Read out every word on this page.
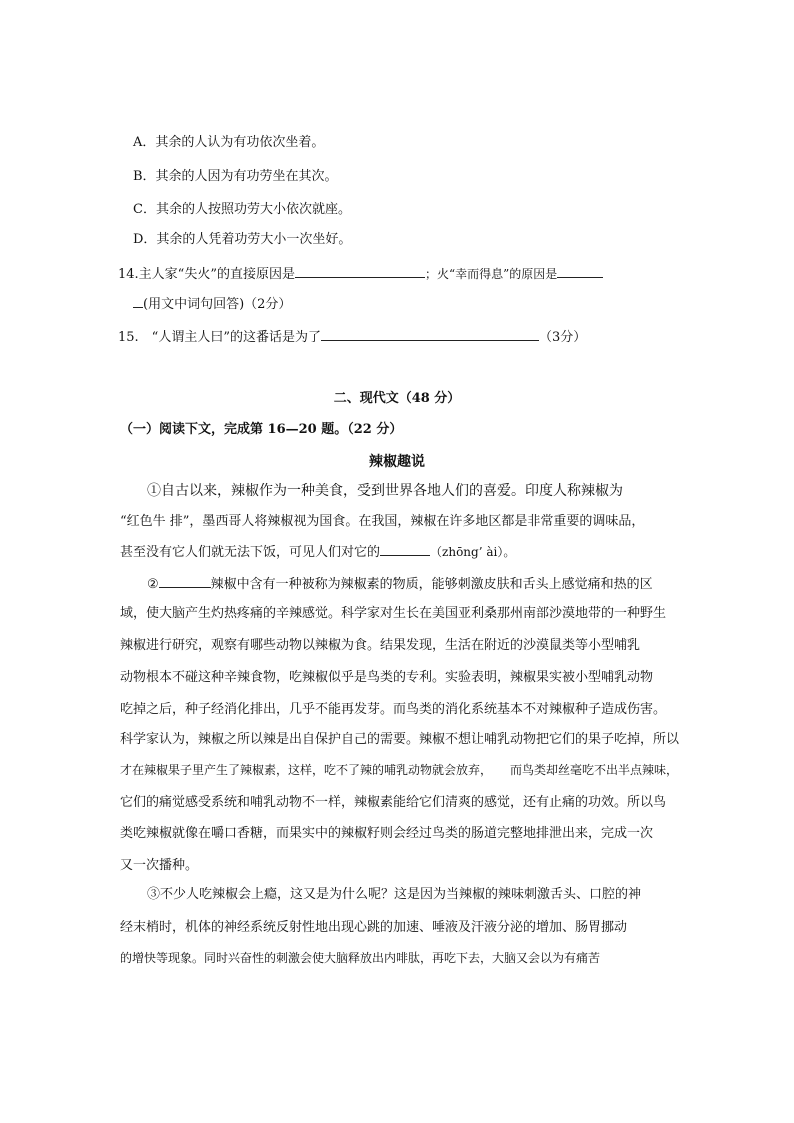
A．其余的人认为有功依次坐着。
B．其余的人因为有功劳坐在其次。
C．其余的人按照功劳大小依次就座。
D．其余的人凭着功劳大小一次坐好。
14.主人家“失火”的直接原因是	；火“幸而得息”的原因是
(用文中词句回答)（2分）
15.　“人谓主人曰”的这番话是为了	（3分）
二、现代文（48 分）
（一）阅读下文，完成第 16—20 题。（22 分）
辣椒趣说
①自古以来，辣椒作为一种美食，受到世界各地人们的喜爱。印度人称辣椒为
“红色牛 排”，墨西哥人将辣椒视为国食。在我国，辣椒在许多地区都是非常重要的调味品，
甚至没有它人们就无法下饭，可见人们对它的	（zhōng’ ài）。
②	辣椒中含有一种被称为辣椒素的物质，能够刺激皮肤和舌头上感觉痛和热的区
域，使大脑产生灼热疼痛的辛辣感觉。科学家对生长在美国亚利桑那州南部沙漠地带的一种野生
辣椒进行研究，观察有哪些动物以辣椒为食。结果发现，生活在附近的沙漠鼠类等小型哺乳
动物根本不碰这种辛辣食物，吃辣椒似乎是鸟类的专利。实验表明，辣椒果实被小型哺乳动物
吃掉之后，种子经消化排出，几乎不能再发芽。而鸟类的消化系统基本不对辣椒种子造成伤害。
科学家认为，辣椒之所以辣是出自保护自己的需要。辣椒不想让哺乳动物把它们的果子吃掉，所以
才在辣椒果子里产生了辣椒素，这样，吃不了辣的哺乳动物就会放弃，　　而鸟类却丝毫吃不出半点辣味，
它们的痛觉感受系统和哺乳动物不一样，辣椒素能给它们清爽的感觉，还有止痛的功效。所以鸟
类吃辣椒就像在嚼口香糖，而果实中的辣椒籽则会经过鸟类的肠道完整地排泄出来，完成一次
又一次播种。
③不少人吃辣椒会上瘾，这又是为什么呢？这是因为当辣椒的辣味刺激舌头、口腔的神
经末梢时，机体的神经系统反射性地出现心跳的加速、唾液及汗液分泌的增加、肠胃挪动
的增快等现象。同时兴奋性的刺激会使大脑释放出内啡肽，再吃下去，大脑又会以为有痛苦
